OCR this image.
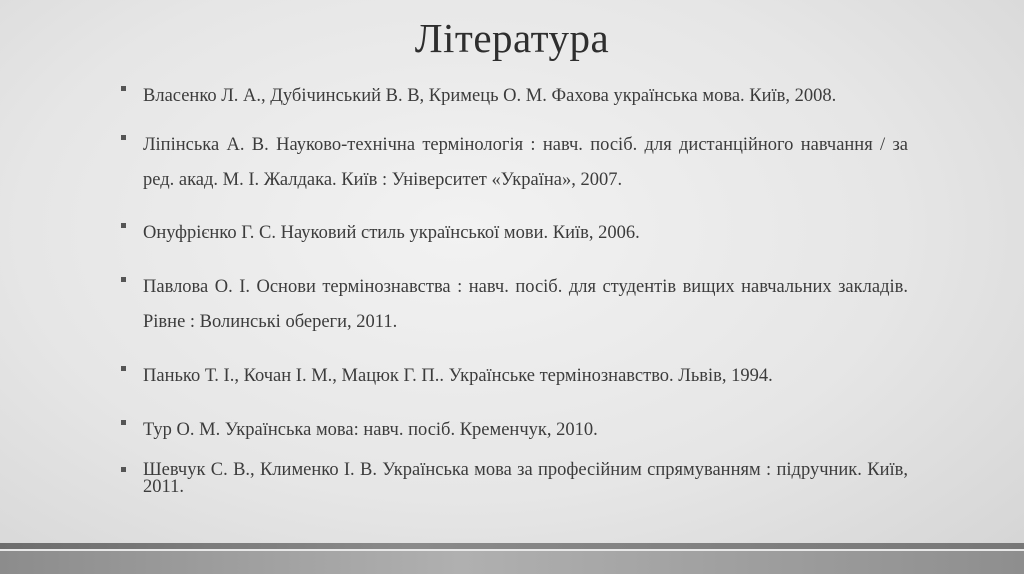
Література
Власенко Л. А., Дубічинський В. В, Кримець О. М. Фахова українська мова. Київ, 2008.
Ліпінська А. В. Науково-технічна термінологія : навч. посіб. для дистанційного навчання / за ред. акад. М. І. Жалдака. Київ : Університет «Україна», 2007.
Онуфрієнко Г. С. Науковий стиль української мови. Київ, 2006.
Павлова О. І. Основи термінознавства : навч. посіб. для студентів вищих навчальних закладів. Рівне : Волинські обереги, 2011.
Панько Т. І., Кочан І. М., Мацюк Г. П.. Українське термінознавство. Львів, 1994.
Тур О. М. Українська мова: навч. посіб. Кременчук, 2010.
Шевчук С. В., Клименко І. В. Українська мова за професійним спрямуванням : підручник. Київ, 2011.
